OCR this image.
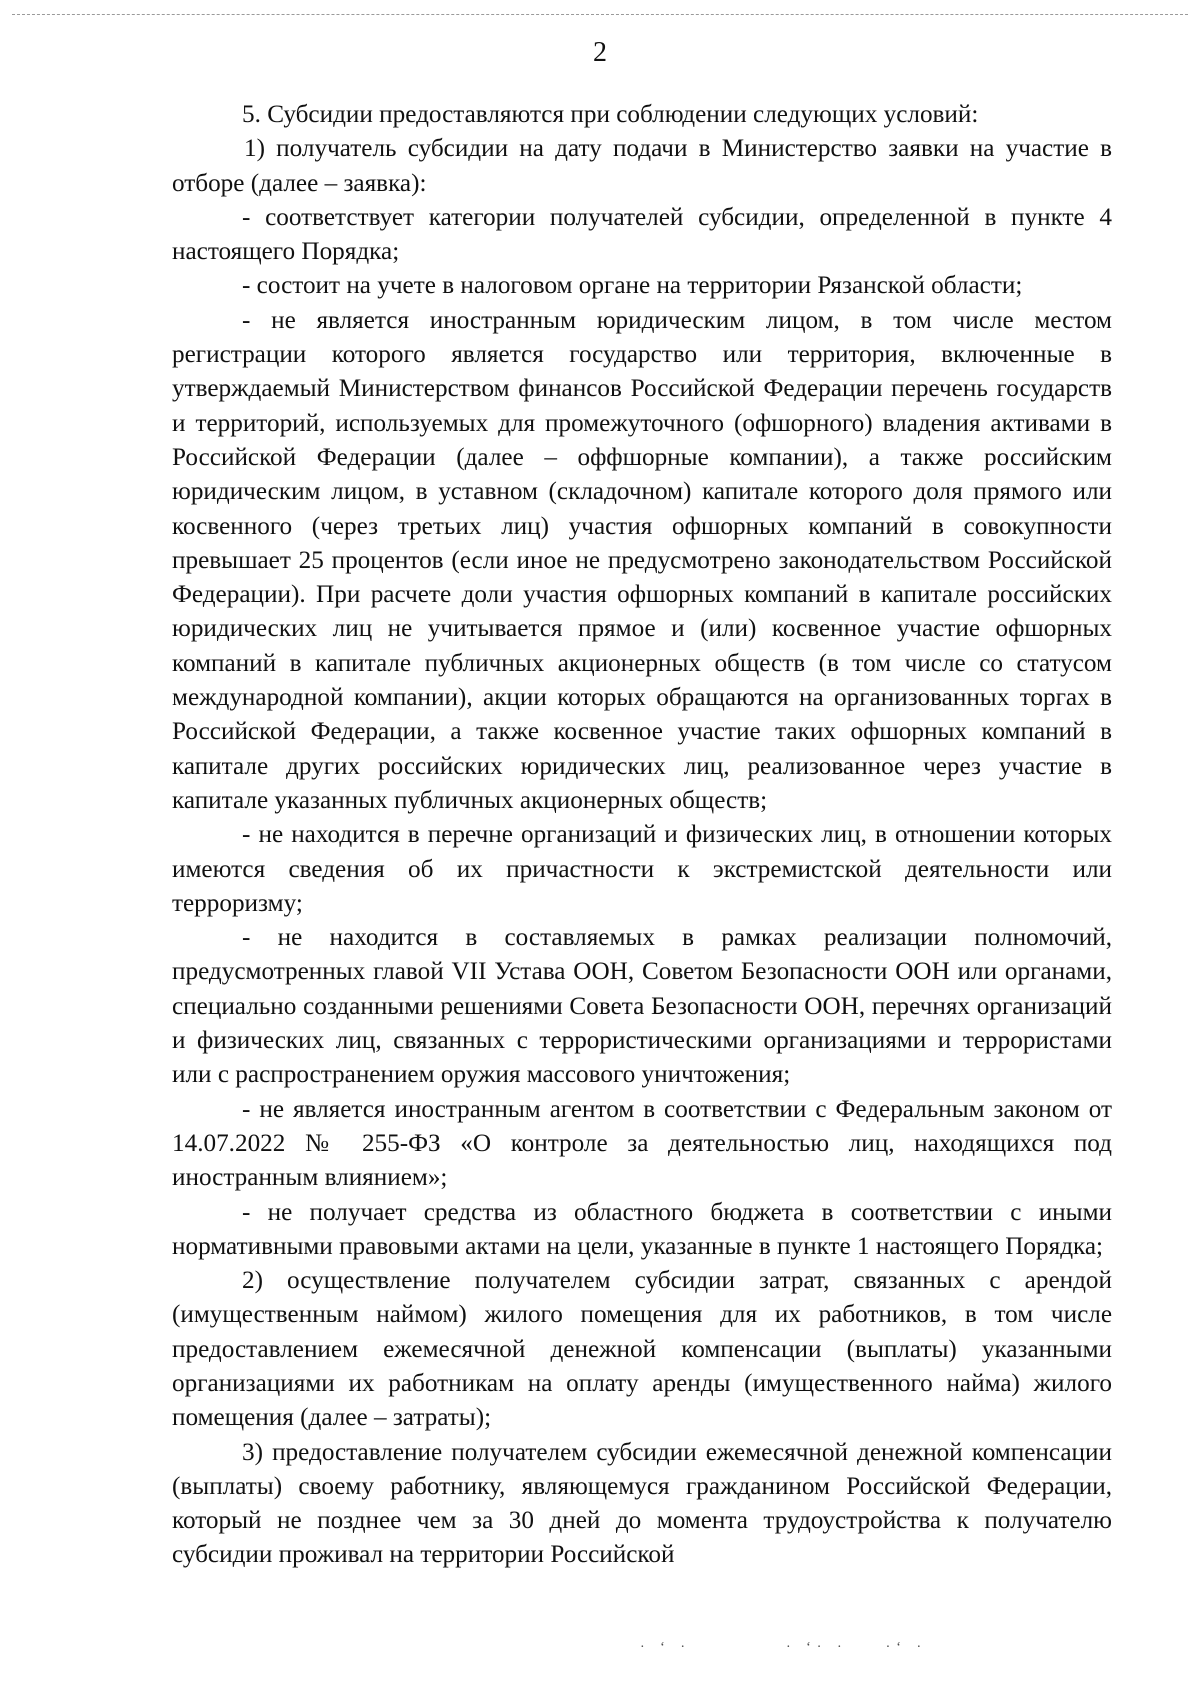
2

5. Субсидии предоставляются при соблюдении следующих условий:

1) получатель субсидии на дату подачи в Министерство заявки на участие в отборе (далее – заявка):

- соответствует категории получателей субсидии, определенной в пункте 4 настоящего Порядка;

- состоит на учете в налоговом органе на территории Рязанской области;

- не является иностранным юридическим лицом, в том числе местом регистрации которого является государство или территория, включенные в утверждаемый Министерством финансов Российской Федерации перечень государств и территорий, используемых для промежуточного (офшорного) владения активами в Российской Федерации (далее – оффшорные компании), а также российским юридическим лицом, в уставном (складочном) капитале которого доля прямого или косвенного (через третьих лиц) участия офшорных компаний в совокупности превышает 25 процентов (если иное не предусмотрено законодательством Российской Федерации). При расчете доли участия офшорных компаний в капитале российских юридических лиц не учитывается прямое и (или) косвенное участие офшорных компаний в капитале публичных акционерных обществ (в том числе со статусом международной компании), акции которых обращаются на организованных торгах в Российской Федерации, а также косвенное участие таких офшорных компаний в капитале других российских юридических лиц, реализованное через участие в капитале указанных публичных акционерных обществ;

- не находится в перечне организаций и физических лиц, в отношении которых имеются сведения об их причастности к экстремистской деятельности или терроризму;

- не находится в составляемых в рамках реализации полномочий, предусмотренных главой VII Устава ООН, Советом Безопасности ООН или органами, специально созданными решениями Совета Безопасности ООН, перечнях организаций и физических лиц, связанных с террористическими организациями и террористами или с распространением оружия массового уничтожения;

- не является иностранным агентом в соответствии с Федеральным законом от 14.07.2022 № 255-ФЗ «О контроле за деятельностью лиц, находящихся под иностранным влиянием»;

- не получает средства из областного бюджета в соответствии с иными нормативными правовыми актами на цели, указанные в пункте 1 настоящего Порядка;

2) осуществление получателем субсидии затрат, связанных с арендой (имущественным наймом) жилого помещения для их работников, в том числе предоставлением ежемесячной денежной компенсации (выплаты) указанными организациями их работникам на оплату аренды (имущественного найма) жилого помещения (далее – затраты);

3) предоставление получателем субсидии ежемесячной денежной компенсации (выплаты) своему работнику, являющемуся гражданином Российской Федерации, который не позднее чем за 30 дней до момента трудоустройства к получателю субсидии проживал на территории Российской

· ‘ ·          · ‘· ·    ·‘ ·
